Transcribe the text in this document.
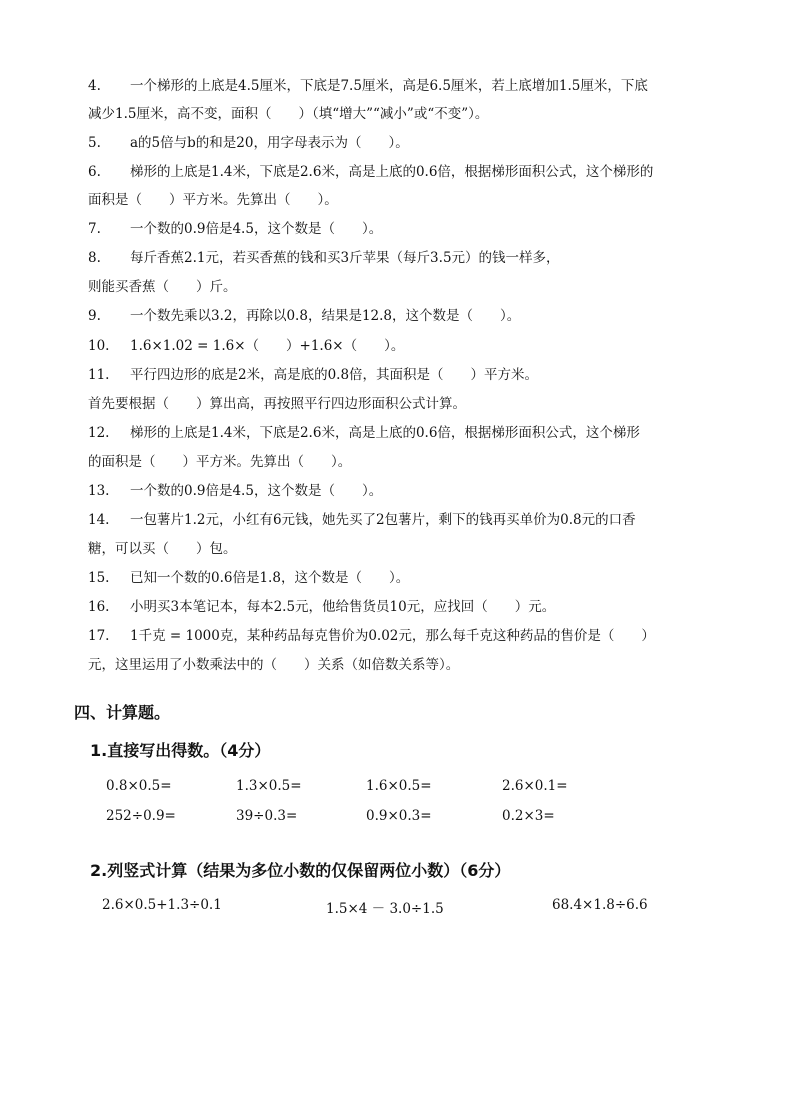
4. 一个梯形的上底是4.5厘米，下底是7.5厘米，高是6.5厘米，若上底增加1.5厘米，下底
减少1.5厘米，高不变，面积（　　）（填“增大”“减小”或“不变”）。
5. a的5倍与b的和是20，用字母表示为（　　）。
6. 梯形的上底是1.4米，下底是2.6米，高是上底的0.6倍，根据梯形面积公式，这个梯形的
面积是（　　）平方米。先算出（　　）。
7. 一个数的0.9倍是4.5，这个数是（　　）。
8. 每斤香蕉2.1元，若买香蕉的钱和买3斤苹果（每斤3.5元）的钱一样多，
则能买香蕉（　　）斤。
9. 一个数先乘以3.2，再除以0.8，结果是12.8，这个数是（　　）。
10. 1.6×1.02 = 1.6×（　　）+1.6×（　　）。
11. 平行四边形的底是2米，高是底的0.8倍，其面积是（　　）平方米。
首先要根据（　　）算出高，再按照平行四边形面积公式计算。
12. 梯形的上底是1.4米，下底是2.6米，高是上底的0.6倍，根据梯形面积公式，这个梯形
的面积是（　　）平方米。先算出（　　）。
13. 一个数的0.9倍是4.5，这个数是（　　）。
14. 一包薯片1.2元，小红有6元钱，她先买了2包薯片，剩下的钱再买单价为0.8元的口香
糖，可以买（　　）包。
15. 已知一个数的0.6倍是1.8，这个数是（　　）。
16. 小明买3本笔记本，每本2.5元，他给售货员10元，应找回（　　）元。
17. 1千克 = 1000克，某种药品每克售价为0.02元，那么每千克这种药品的售价是（　　）
元，这里运用了小数乘法中的（　　）关系（如倍数关系等）。
四、计算题。
1.直接写出得数。（4分）
0.8×0.5=	1.3×0.5=	1.6×0.5=	2.6×0.1=
252÷0.9=	39÷0.3=	0.9×0.3=	0.2×3=
2.列竖式计算（结果为多位小数的仅保留两位小数）（6分）
2.6×0.5+1.3÷0.1	1.5×4 － 3.0÷1.5	68.4×1.8÷6.6
